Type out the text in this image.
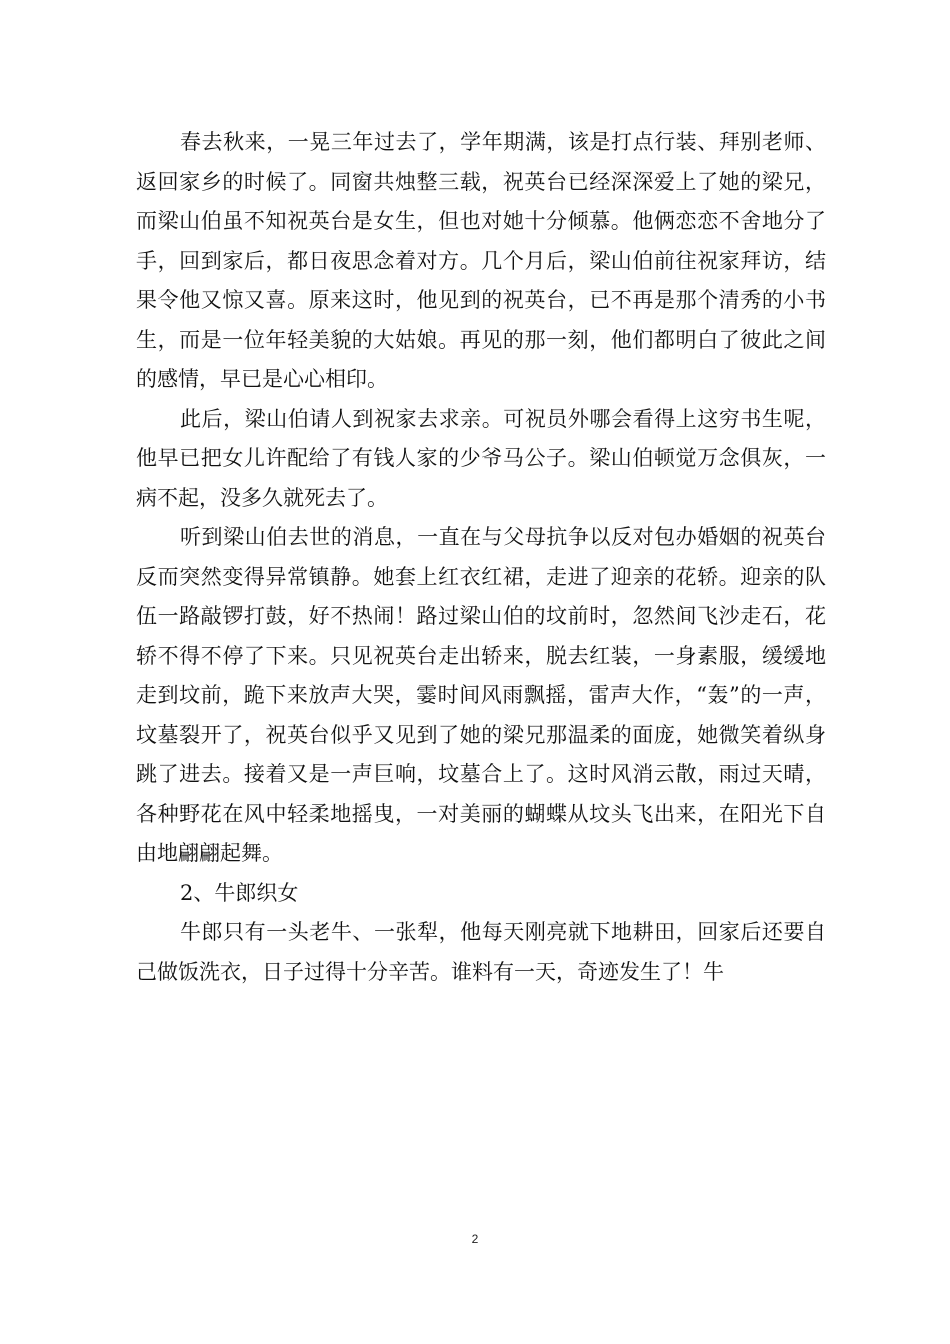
春去秋来，一晃三年过去了，学年期满，该是打点行装、拜别老师、返回家乡的时候了。同窗共烛整三载，祝英台已经深深爱上了她的梁兄，而梁山伯虽不知祝英台是女生，但也对她十分倾慕。他俩恋恋不舍地分了手，回到家后，都日夜思念着对方。几个月后，梁山伯前往祝家拜访，结果令他又惊又喜。原来这时，他见到的祝英台，已不再是那个清秀的小书生，而是一位年轻美貌的大姑娘。再见的那一刻，他们都明白了彼此之间的感情，早已是心心相印。

此后，梁山伯请人到祝家去求亲。可祝员外哪会看得上这穷书生呢，他早已把女儿许配给了有钱人家的少爷马公子。梁山伯顿觉万念俱灰，一病不起，没多久就死去了。

听到梁山伯去世的消息，一直在与父母抗争以反对包办婚姻的祝英台反而突然变得异常镇静。她套上红衣红裙，走进了迎亲的花轿。迎亲的队伍一路敲锣打鼓，好不热闹！路过梁山伯的坟前时，忽然间飞沙走石，花轿不得不停了下来。只见祝英台走出轿来，脱去红装，一身素服，缓缓地走到坟前，跪下来放声大哭，霎时间风雨飘摇，雷声大作，“轰”的一声，坟墓裂开了，祝英台似乎又见到了她的梁兄那温柔的面庞，她微笑着纵身跳了进去。接着又是一声巨响，坟墓合上了。这时风消云散，雨过天晴，各种野花在风中轻柔地摇曳，一对美丽的蝴蝶从坟头飞出来，在阳光下自由地翩翩起舞。

2、牛郎织女

牛郎只有一头老牛、一张犁，他每天刚亮就下地耕田，回家后还要自己做饭洗衣，日子过得十分辛苦。谁料有一天，奇迹发生了！牛

2
